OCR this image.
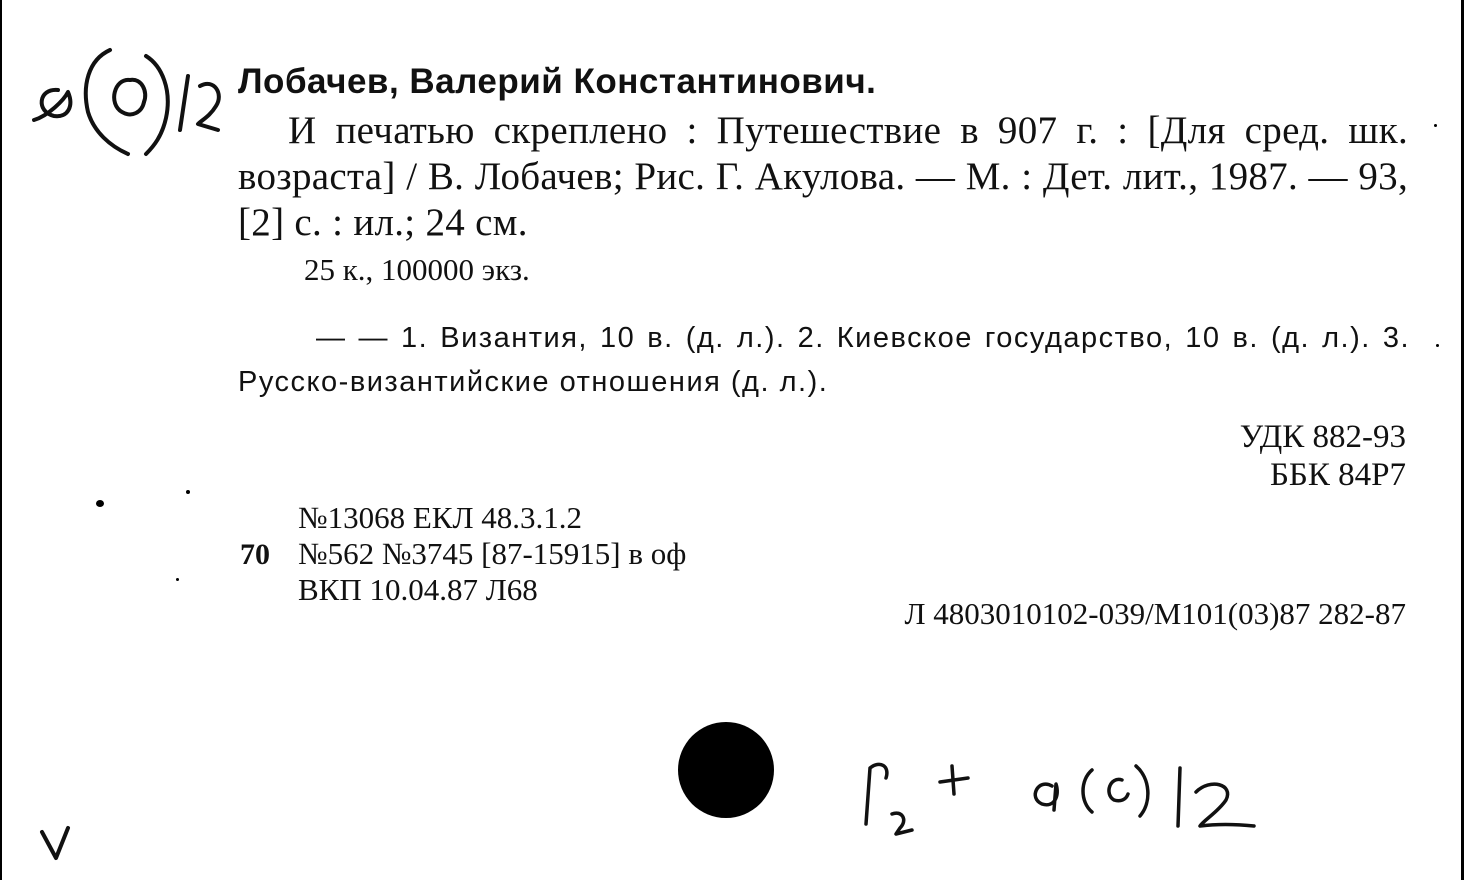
Лобачев, Валерий Константинович.
И печатью скреплено : Путешествие в 907 г. : [Для сред. шк. возраста] / В. Лобачев; Рис. Г. Акулова. — М. : Дет. лит., 1987. — 93, [2] с. : ил.; 24 см.
25 к., 100000 экз.
— — 1. Византия, 10 в. (д. л.). 2. Киевское государство, 10 в. (д. л.). 3. Русско-византийские отношения (д. л.).
УДК 882-93
ББК 84Р7
70
№13068 ЕКЛ 48.3.1.2
№562 №3745 [87-15915] в оф
ВКП 10.04.87 Л68
Л 4803010102-039/М101(03)87 282-87
